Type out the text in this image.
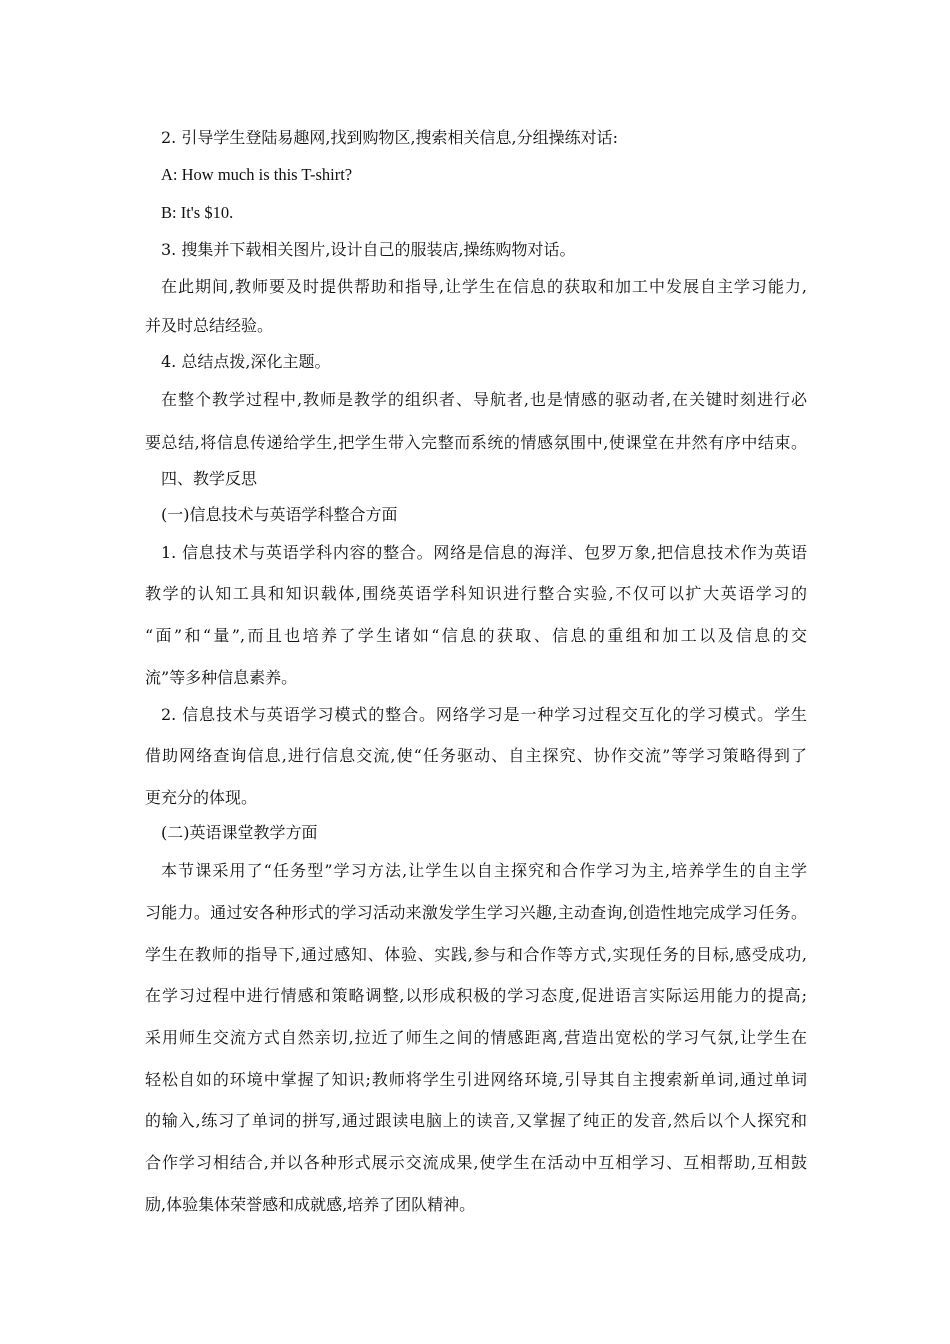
2. 引导学生登陆易趣网,找到购物区,搜索相关信息,分组操练对话:
A: How much is this T-shirt?
B: It's $10.
3. 搜集并下载相关图片,设计自己的服装店,操练购物对话。
在此期间,教师要及时提供帮助和指导,让学生在信息的获取和加工中发展自主学习能力,
并及时总结经验。
4. 总结点拨,深化主题。
在整个教学过程中,教师是教学的组织者、导航者,也是情感的驱动者,在关键时刻进行必
要总结,将信息传递给学生,把学生带入完整而系统的情感氛围中,使课堂在井然有序中结束。
四、教学反思
(一)信息技术与英语学科整合方面
1. 信息技术与英语学科内容的整合。网络是信息的海洋、包罗万象,把信息技术作为英语
教学的认知工具和知识载体,围绕英语学科知识进行整合实验,不仅可以扩大英语学习的
“面”和“量”,而且也培养了学生诸如“信息的获取、信息的重组和加工以及信息的交
流”等多种信息素养。
2. 信息技术与英语学习模式的整合。网络学习是一种学习过程交互化的学习模式。学生
借助网络查询信息,进行信息交流,使“任务驱动、自主探究、协作交流”等学习策略得到了
更充分的体现。
(二)英语课堂教学方面
本节课采用了“任务型”学习方法,让学生以自主探究和合作学习为主,培养学生的自主学
习能力。通过安各种形式的学习活动来激发学生学习兴趣,主动查询,创造性地完成学习任务。
学生在教师的指导下,通过感知、体验、实践,参与和合作等方式,实现任务的目标,感受成功,
在学习过程中进行情感和策略调整,以形成积极的学习态度,促进语言实际运用能力的提高;
采用师生交流方式自然亲切,拉近了师生之间的情感距离,营造出宽松的学习气氛,让学生在
轻松自如的环境中掌握了知识;教师将学生引进网络环境,引导其自主搜索新单词,通过单词
的输入,练习了单词的拼写,通过跟读电脑上的读音,又掌握了纯正的发音,然后以个人探究和
合作学习相结合,并以各种形式展示交流成果,使学生在活动中互相学习、互相帮助,互相鼓
励,体验集体荣誉感和成就感,培养了团队精神。
